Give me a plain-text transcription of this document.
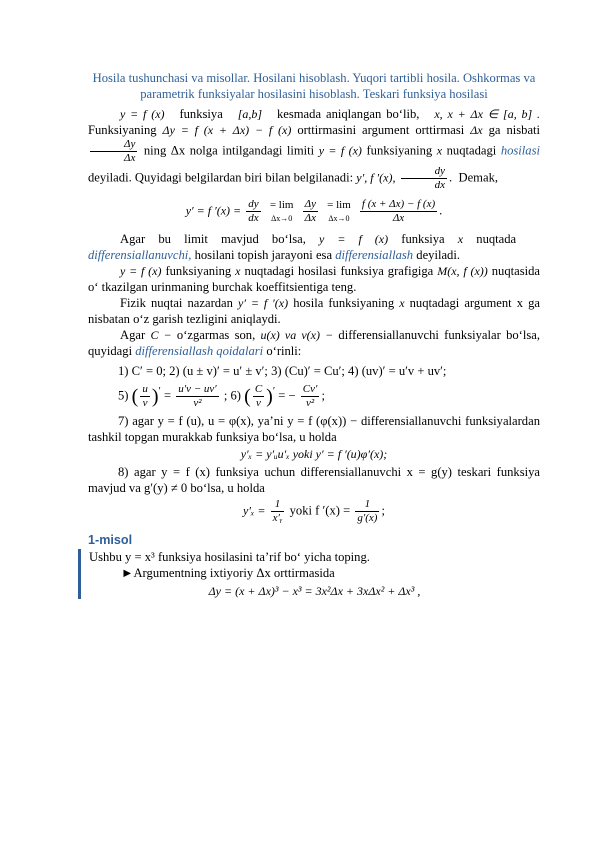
Hosila tushunchasi va misollar. Hosilani hisoblash. Yuqori tartibli hosila. Oshkormas va parametrik funksiyalar hosilasini hisoblash. Teskari funksiya hosilasi

y = f (x) funksiya [a,b] kesmada aniqlangan bo‘lib, x, x + Δx ∈ [a, b] . Funksiyaning Δy = f (x + Δx) − f (x) orttirmasini argument orttirmasi Δx ga nisbati
$\frac{\Delta y}{\Delta x}$ ning Δx nolga intilgandagi limiti y = f (x) funksiyaning x nuqtadagi hosilasi deyiladi. Quyidagi belgilardan biri bilan belgilanadi: y′, f ′(x), $\frac{dy}{dx}$ .  Demak,

y′ = f $'(x) = \frac{dy}{dx}$
= lim
Δx→0
$\frac{\Delta y}{\Delta x}$
= lim
Δx→0
$\frac{f (x + \Delta x) - f (x)}{\Delta x}$ .

Agar bu limit mavjud bo‘lsa, y = f (x) funksiya x nuqtada

differensiallanuvchi, hosilani topish jarayoni esa differensiallash deyiladi.

y = f (x) funksiyaning x nuqtadagi hosilasi funksiya grafigiga M(x, f (x)) nuqtasida o‘ tkazilgan urinmaning burchak koeffitsientiga teng.

Fizik nuqtai nazardan y′ = f ′(x) hosila funksiyaning x nuqtadagi argument x ga nisbatan o‘z garish tezligini aniqlaydi.

Agar C − o‘zgarmas son, u(x) va v(x) − differensiallanuvchi funksiyalar bo‘lsa, quyidagi differensiallash qoidalari o‘rinli:

1) C′ = 0; 2) (u ± v)′ = u′ ± v′; 3) (Cu)′ = Cu′; 4) (uv)′ = u′v + uv′;
5) ( $\frac{u}{v} )' = \frac{u'v - uv'}{\text{v²}}$ ; 6) ( $\frac{C}{v} )'$ = − $\frac{Cv'}{\text{v²}}$ ;

7) agar y = f (u), u = φ(x), ya’ni y = f (φ(x)) − differensiallanuvchi funksiyalardan tashkil topgan murakkab funksiya bo‘lsa, u holda

y′ₓ = y′ᵤu′ₓ yoki y′ = f ′(u)φ′(x);

8) agar y = f (x) funksiya uchun differensiallanuvchi x = g(y) teskari funksiya mavjud va g′(y) ≠ 0 bo‘lsa, u holda

$y'_x = \frac{1}{\text{x′ᵧ}}$ yoki f $'(x) = \frac{1}{g'(x)}$ ;
1-misol

Ushbu y = x³ funksiya hosilasini ta’rif bo‘ yicha toping.

►Argumentning ixtiyoriy Δx orttirmasida

Δy = (x + Δx)³ − x³ = 3x²Δx + 3xΔx² + Δx³ ,
